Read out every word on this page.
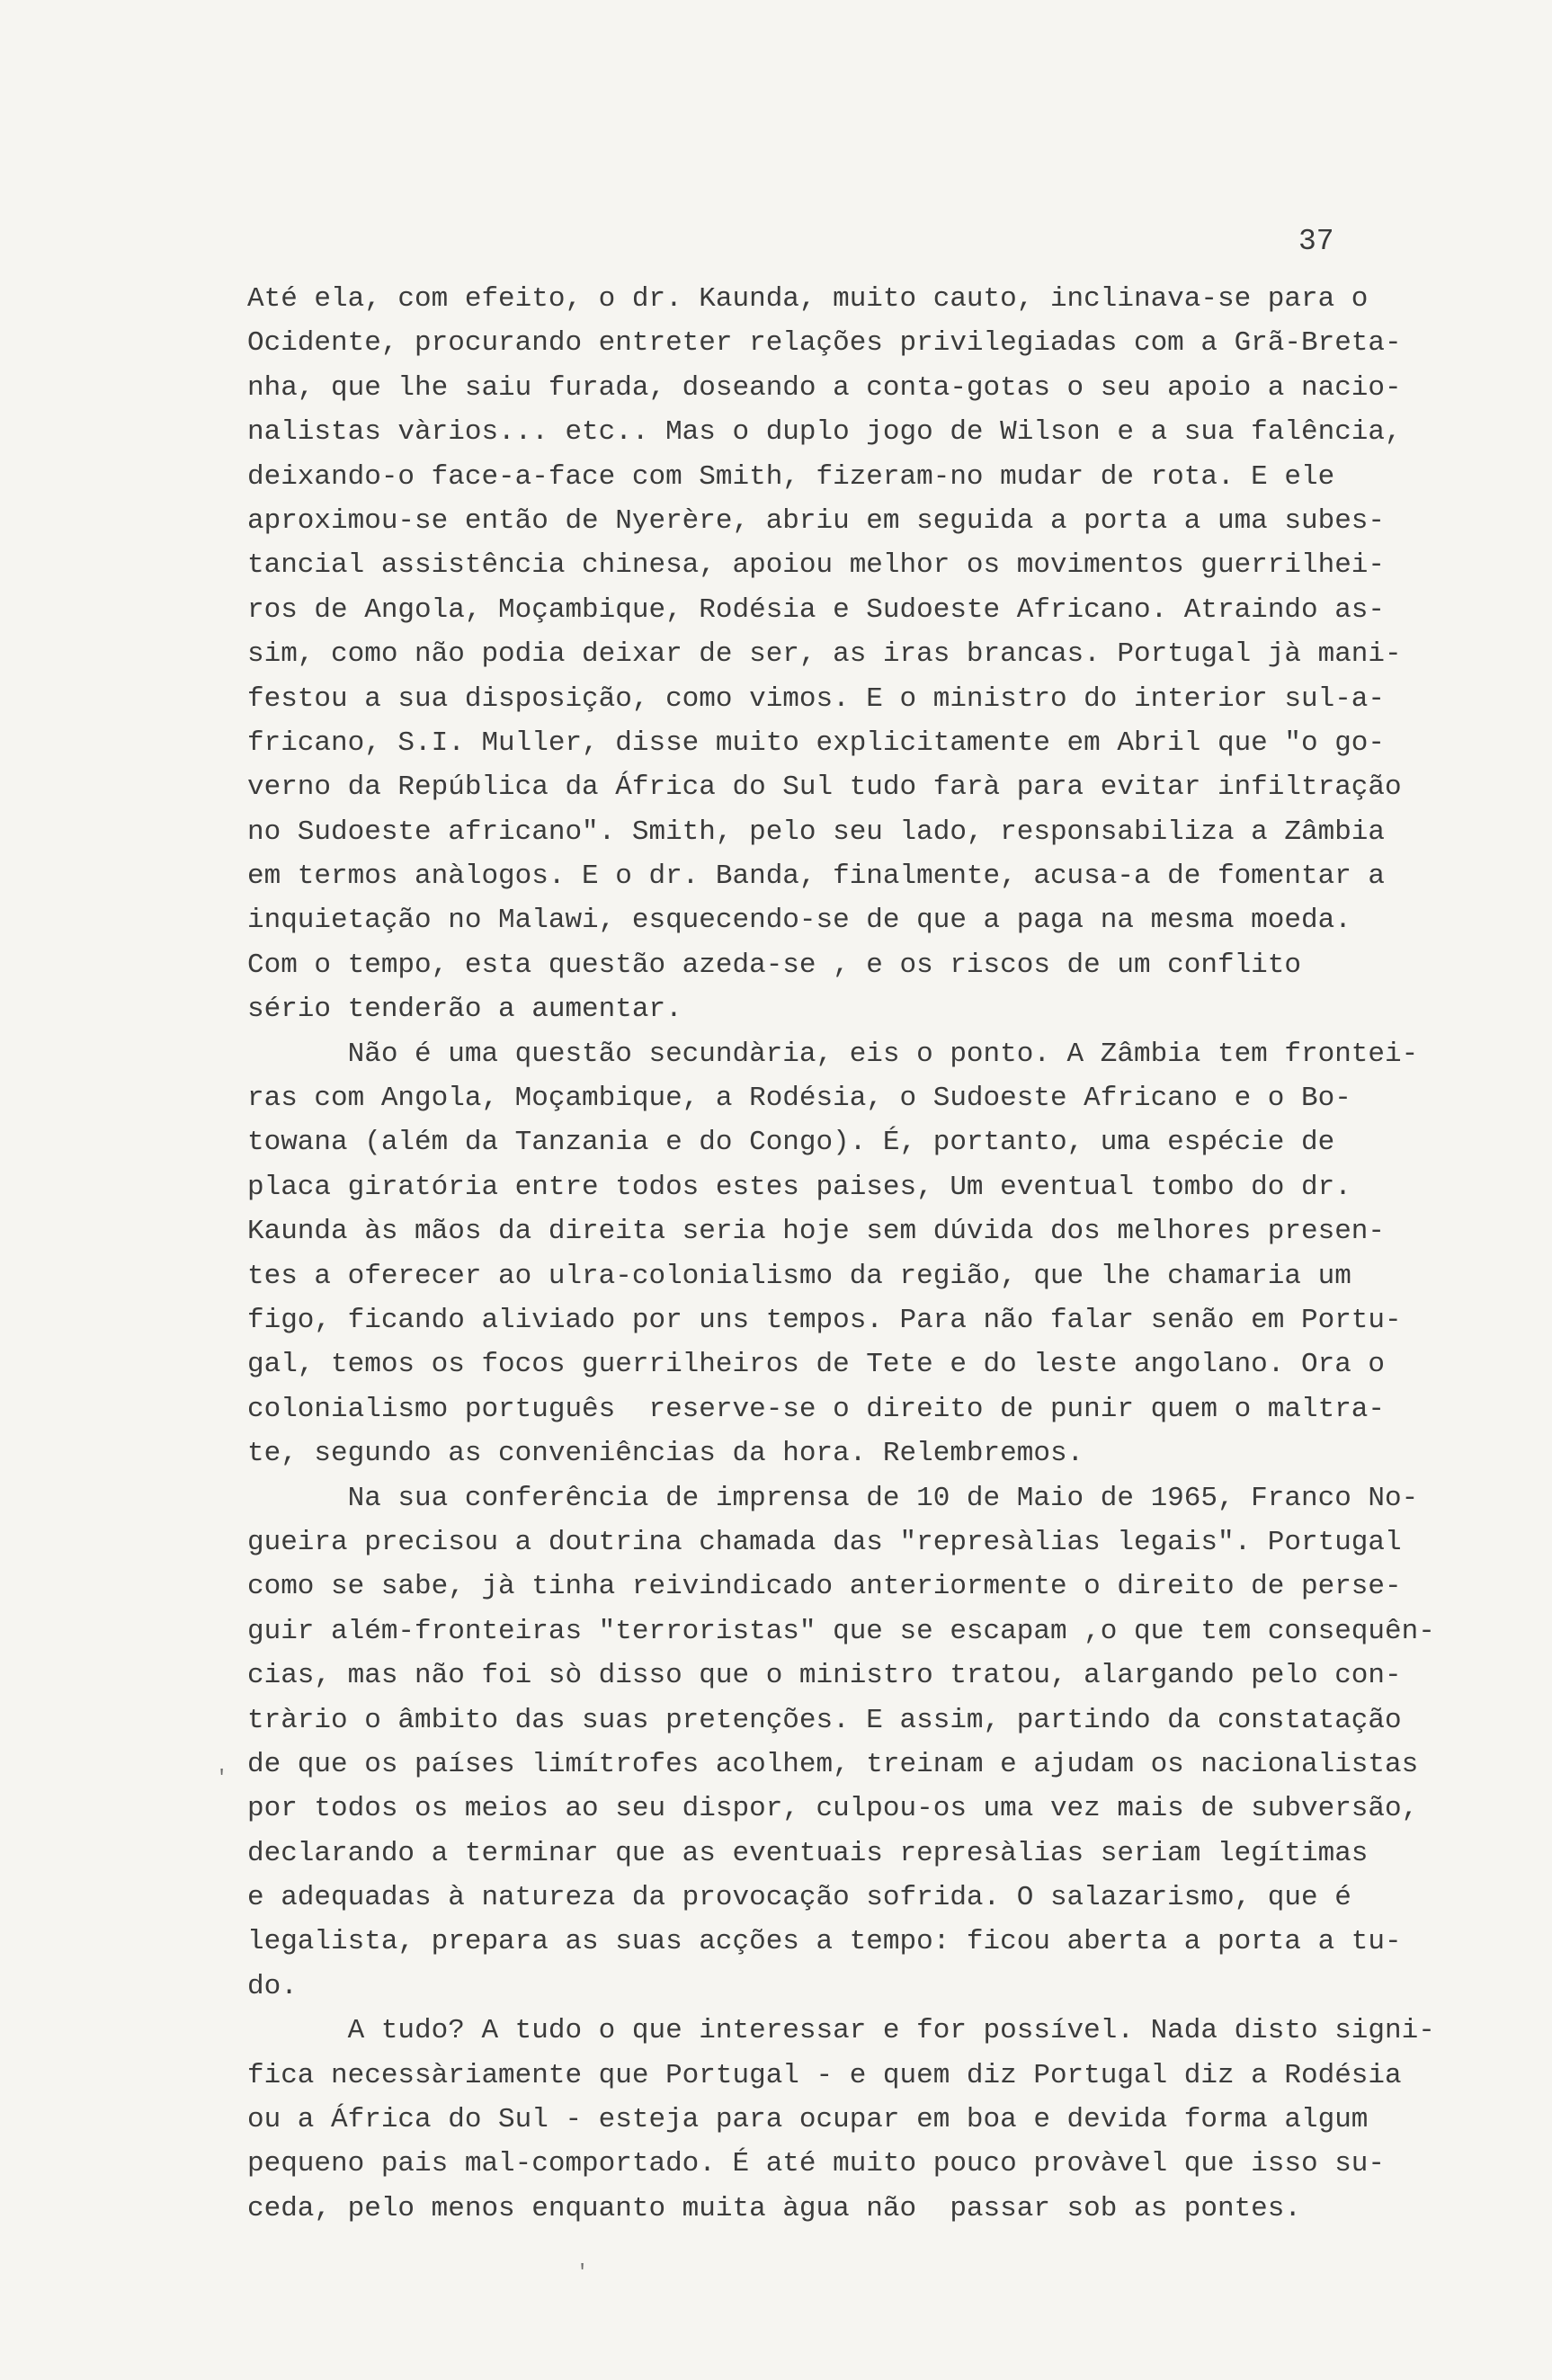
37
Até ela, com efeito, o dr. Kaunda, muito cauto, inclinava-se para o
Ocidente, procurando entreter relações privilegiadas com a Grã-Breta-
nha, que lhe saiu furada, doseando a conta-gotas o seu apoio a nacio-
nalistas vàrios... etc.. Mas o duplo jogo de Wilson e a sua falência,
deixando-o face-a-face com Smith, fizeram-no mudar de rota. E ele
aproximou-se então de Nyerère, abriu em seguida a porta a uma subes-
tancial assistência chinesa, apoiou melhor os movimentos guerrilhei-
ros de Angola, Moçambique, Rodésia e Sudoeste Africano. Atraindo as-
sim, como não podia deixar de ser, as iras brancas. Portugal jà mani-
festou a sua disposição, como vimos. E o ministro do interior sul-a-
fricano, S.I. Muller, disse muito explicitamente em Abril que "o go-
verno da República da África do Sul tudo farà para evitar infiltração
no Sudoeste africano". Smith, pelo seu lado, responsabiliza a Zâmbia
em termos anàlogos. E o dr. Banda, finalmente, acusa-a de fomentar a
inquietação no Malawi, esquecendo-se de que a paga na mesma moeda.
Com o tempo, esta questão azeda-se , e os riscos de um conflito
sério tenderão a aumentar.
Não é uma questão secundària, eis o ponto. A Zâmbia tem frontei-
ras com Angola, Moçambique, a Rodésia, o Sudoeste Africano e o Bo-
towana (além da Tanzania e do Congo). É, portanto, uma espécie de
placa giratória entre todos estes paises, Um eventual tombo do dr.
Kaunda às mãos da direita seria hoje sem dúvida dos melhores presen-
tes a oferecer ao ulra-colonialismo da região, que lhe chamaria um
figo, ficando aliviado por uns tempos. Para não falar senão em Portu-
gal, temos os focos guerrilheiros de Tete e do leste angolano. Ora o
colonialismo português  reserve-se o direito de punir quem o maltra-
te, segundo as conveniências da hora. Relembremos.
Na sua conferência de imprensa de 10 de Maio de 1965, Franco No-
gueira precisou a doutrina chamada das "represàlias legais". Portugal
como se sabe, jà tinha reivindicado anteriormente o direito de perse-
guir além-fronteiras "terroristas" que se escapam ,o que tem consequên-
cias, mas não foi sò disso que o ministro tratou, alargando pelo con-
tràrio o âmbito das suas pretenções. E assim, partindo da constatação
de que os países limítrofes acolhem, treinam e ajudam os nacionalistas
por todos os meios ao seu dispor, culpou-os uma vez mais de subversão,
declarando a terminar que as eventuais represàlias seriam legítimas
e adequadas à natureza da provocação sofrida. O salazarismo, que é
legalista, prepara as suas acções a tempo: ficou aberta a porta a tu-
do.
A tudo? A tudo o que interessar e for possível. Nada disto signi-
fica necessàriamente que Portugal - e quem diz Portugal diz a Rodésia
ou a África do Sul - esteja para ocupar em boa e devida forma algum
pequeno pais mal-comportado. É até muito pouco provàvel que isso su-
ceda, pelo menos enquanto muita àgua não  passar sob as pontes.
'
'
